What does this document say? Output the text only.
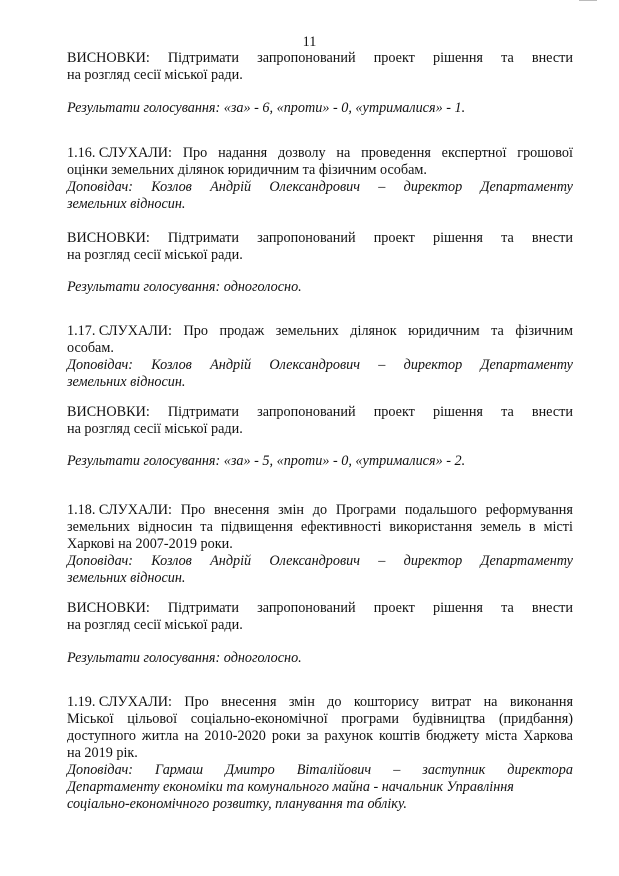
11
ВИСНОВКИ: Підтримати запропонований проект рішення та внести
на розгляд сесії міської ради.
Результати голосування: «за» - 6, «проти» - 0, «утрималися» - 1.
1.16. СЛУХАЛИ: Про надання дозволу на проведення експертної грошової
оцінки земельних ділянок юридичним та фізичним особам.
Доповідач: Козлов Андрій Олександрович – директор Департаменту
земельних відносин.
ВИСНОВКИ: Підтримати запропонований проект рішення та внести
на розгляд сесії міської ради.
Результати голосування: одноголосно.
1.17. СЛУХАЛИ: Про продаж земельних ділянок юридичним та фізичним
особам.
Доповідач: Козлов Андрій Олександрович – директор Департаменту
земельних відносин.
ВИСНОВКИ: Підтримати запропонований проект рішення та внести
на розгляд сесії міської ради.
Результати голосування: «за» - 5, «проти» - 0, «утрималися» - 2.
1.18. СЛУХАЛИ: Про внесення змін до Програми подальшого реформування
земельних відносин та підвищення ефективності використання земель в місті
Харкові на 2007-2019 роки.
Доповідач: Козлов Андрій Олександрович – директор Департаменту
земельних відносин.
ВИСНОВКИ: Підтримати запропонований проект рішення та внести
на розгляд сесії міської ради.
Результати голосування: одноголосно.
1.19. СЛУХАЛИ: Про внесення змін до кошторису витрат на виконання
Міської цільової соціально-економічної програми будівництва (придбання)
доступного житла на 2010-2020 роки за рахунок коштів бюджету міста Харкова
на 2019 рік.
Доповідач: Гармаш Дмитро Віталійович – заступник директора
Департаменту економіки та комунального майна - начальник Управління
соціально-економічного розвитку, планування та обліку.
